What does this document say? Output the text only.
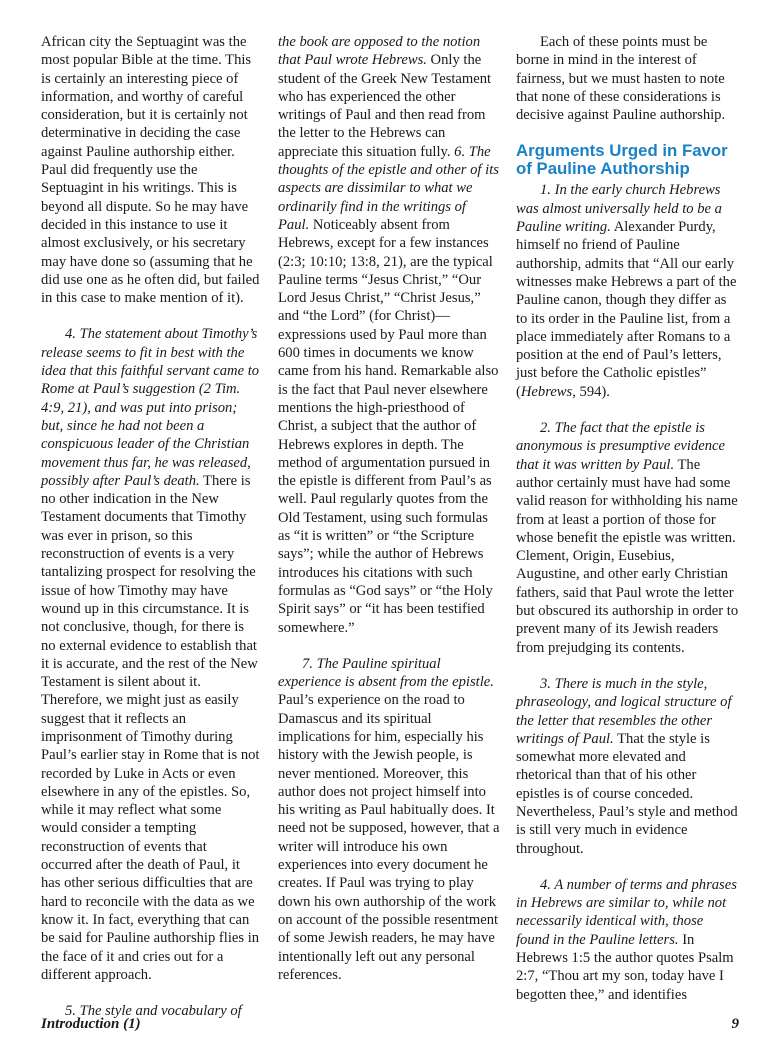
African city the Septuagint was the most popular Bible at the time. This is certainly an interesting piece of information, and worthy of careful consideration, but it is certainly not determinative in deciding the case against Pauline authorship either. Paul did frequently use the Septuagint in his writings. This is beyond all dispute. So he may have decided in this instance to use it almost exclusively, or his secretary may have done so (assuming that he did use one as he often did, but failed in this case to make mention of it).

4. The statement about Timothy’s release seems to fit in best with the idea that this faithful servant came to Rome at Paul’s suggestion (2 Tim. 4:9, 21), and was put into prison; but, since he had not been a conspicuous leader of the Christian movement thus far, he was released, possibly after Paul’s death. There is no other indication in the New Testament documents that Timothy was ever in prison, so this reconstruction of events is a very tantalizing prospect for resolving the issue of how Timothy may have wound up in this circumstance. It is not conclusive, though, for there is no external evidence to establish that it is accurate, and the rest of the New Testament is silent about it. Therefore, we might just as easily suggest that it reflects an imprisonment of Timothy during Paul’s earlier stay in Rome that is not recorded by Luke in Acts or even elsewhere in any of the epistles. So, while it may reflect what some would consider a tempting reconstruction of events that occurred after the death of Paul, it has other serious difficulties that are hard to reconcile with the data as we know it. In fact, everything that can be said for Pauline authorship flies in the face of it and cries out for a different approach.

5. The style and vocabulary of

the book are opposed to the notion that Paul wrote Hebrews. Only the student of the Greek New Testament who has experienced the other writings of Paul and then read from the letter to the Hebrews can appreciate this situation fully. 6. The thoughts of the epistle and other of its aspects are dissimilar to what we ordinarily find in the writings of Paul. Noticeably absent from Hebrews, except for a few instances (2:3; 10:10; 13:8, 21), are the typical Pauline terms “Jesus Christ,” “Our Lord Jesus Christ,” “Christ Jesus,” and “the Lord” (for Christ)—expressions used by Paul more than 600 times in documents we know came from his hand. Remarkable also is the fact that Paul never elsewhere mentions the high-priesthood of Christ, a subject that the author of Hebrews explores in depth. The method of argumentation pursued in the epistle is different from Paul’s as well. Paul regularly quotes from the Old Testament, using such formulas as “it is written” or “the Scripture says”; while the author of Hebrews introduces his citations with such formulas as “God says” or “the Holy Spirit says” or “it has been testified somewhere.”

7. The Pauline spiritual experience is absent from the epistle. Paul’s experience on the road to Damascus and its spiritual implications for him, especially his history with the Jewish people, is never mentioned. Moreover, this author does not project himself into his writing as Paul habitually does. It need not be supposed, however, that a writer will introduce his own experiences into every document he creates. If Paul was trying to play down his own authorship of the work on account of the possible resentment of some Jewish readers, he may have intentionally left out any personal references.

Each of these points must be borne in mind in the interest of fairness, but we must hasten to note that none of these considerations is decisive against Pauline authorship.

Arguments Urged in Favor of Pauline Authorship

1. In the early church Hebrews was almost universally held to be a Pauline writing. Alexander Purdy, himself no friend of Pauline authorship, admits that “All our early witnesses make Hebrews a part of the Pauline canon, though they differ as to its order in the Pauline list, from a place immediately after Romans to a position at the end of Paul’s letters, just before the Catholic epistles” (Hebrews, 594).

2. The fact that the epistle is anonymous is presumptive evidence that it was written by Paul. The author certainly must have had some valid reason for withholding his name from at least a portion of those for whose benefit the epistle was written. Clement, Origin, Eusebius, Augustine, and other early Christian fathers, said that Paul wrote the letter but obscured its authorship in order to prevent many of its Jewish readers from prejudging its contents.

3. There is much in the style, phraseology, and logical structure of the letter that resembles the other writings of Paul. That the style is somewhat more elevated and rhetorical than that of his other epistles is of course conceded. Nevertheless, Paul’s style and method is still very much in evidence throughout.

4. A number of terms and phrases in Hebrews are similar to, while not necessarily identical with, those found in the Pauline letters. In Hebrews 1:5 the author quotes Psalm 2:7, “Thou art my son, today have I begotten thee,” and identifies

Introduction (1)	9
